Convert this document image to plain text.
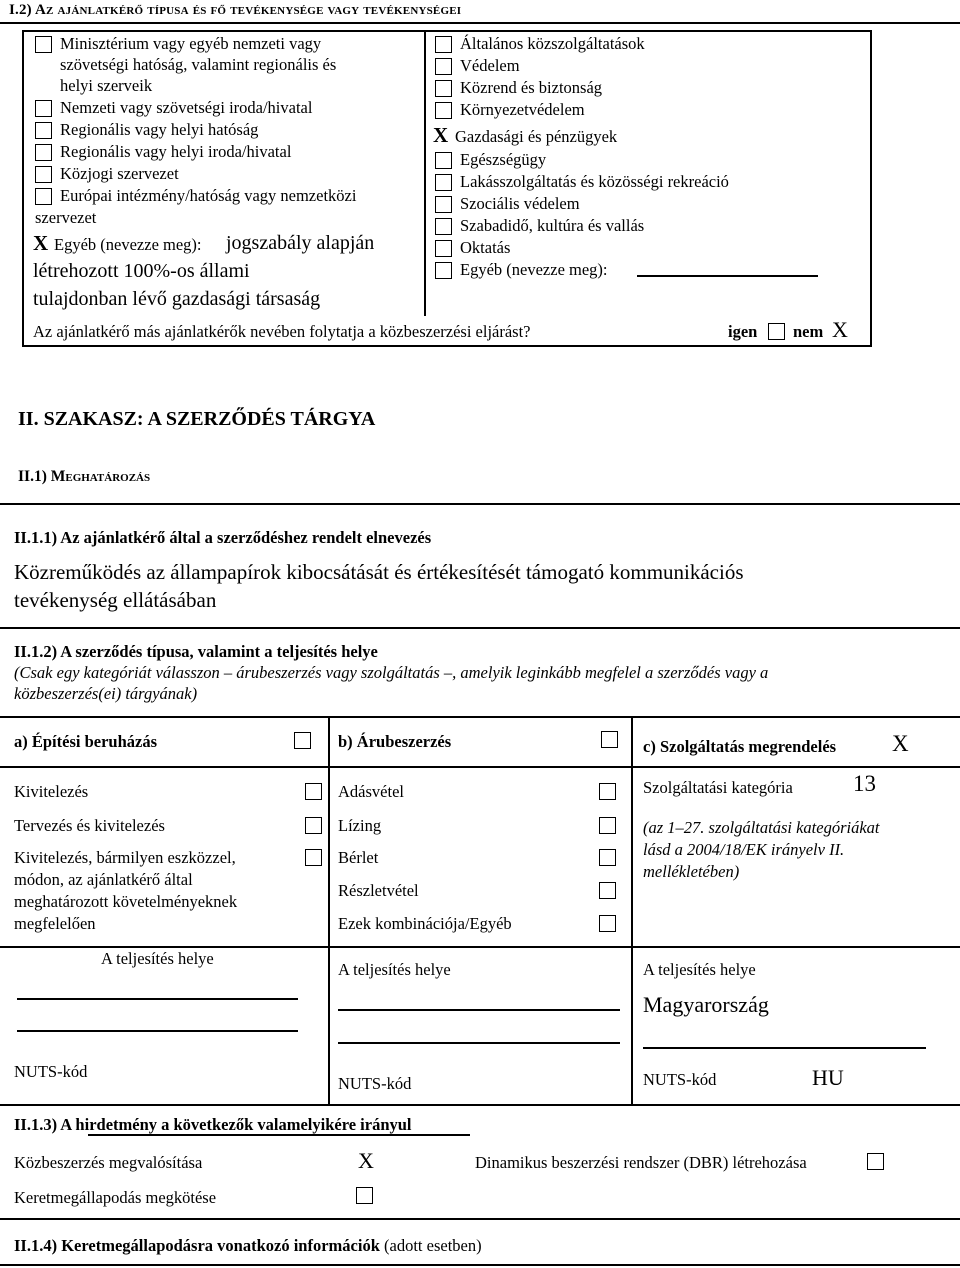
I.2) Az ajánlatkérő típusa és fő tevékenysége vagy tevékenységei
Minisztérium vagy egyéb nemzeti vagy
szövetségi hatóság, valamint regionális és
helyi szerveik
Nemzeti vagy szövetségi iroda/hivatal
Regionális vagy helyi hatóság
Regionális vagy helyi iroda/hivatal
Közjogi szervezet
Európai intézmény/hatóság vagy nemzetközi
szervezet
X Egyéb (nevezze meg): jogszabály alapján
létrehozott 100%-os állami
tulajdonban lévő gazdasági társaság
Általános közszolgáltatások
Védelem
Közrend és biztonság
Környezetvédelem
X Gazdasági és pénzügyek
Egészségügy
Lakásszolgáltatás és közösségi rekreáció
Szociális védelem
Szabadidő, kultúra és vallás
Oktatás
Egyéb (nevezze meg):
Az ajánlatkérő más ajánlatkérők nevében folytatja a közbeszerzési eljárást?	igen nem X
II. SZAKASZ: A SZERZŐDÉS TÁRGYA
II.1) Meghatározás
II.1.1) Az ajánlatkérő által a szerződéshez rendelt elnevezés
Közreműködés az állampapírok kibocsátását és értékesítését támogató kommunikációs
tevékenység ellátásában
II.1.2) A szerződés típusa, valamint a teljesítés helye
(Csak egy kategóriát válasszon – árubeszerzés vagy szolgáltatás –, amelyik leginkább megfelel a szerződés vagy a
közbeszerzés(ei) tárgyának)
a) Építési beruházás
Kivitelezés
Tervezés és kivitelezés
Kivitelezés, bármilyen eszközzel,
módon, az ajánlatkérő által
meghatározott követelményeknek
megfelelően
A teljesítés helye
NUTS-kód
b) Árubeszerzés
Adásvétel
Lízing
Bérlet
Részletvétel
Ezek kombinációja/Egyéb
A teljesítés helye
NUTS-kód
c) Szolgáltatás megrendelés X
Szolgáltatási kategória	13
(az 1–27. szolgáltatási kategóriákat
lásd a 2004/18/EK irányelv II.
mellékletében)
A teljesítés helye
Magyarország
NUTS-kód	HU
II.1.3) A hirdetmény a következők valamelyikére irányul
Közbeszerzés megvalósítása	X	Dinamikus beszerzési rendszer (DBR) létrehozása
Keretmegállapodás megkötése
II.1.4) Keretmegállapodásra vonatkozó információk (adott esetben)
